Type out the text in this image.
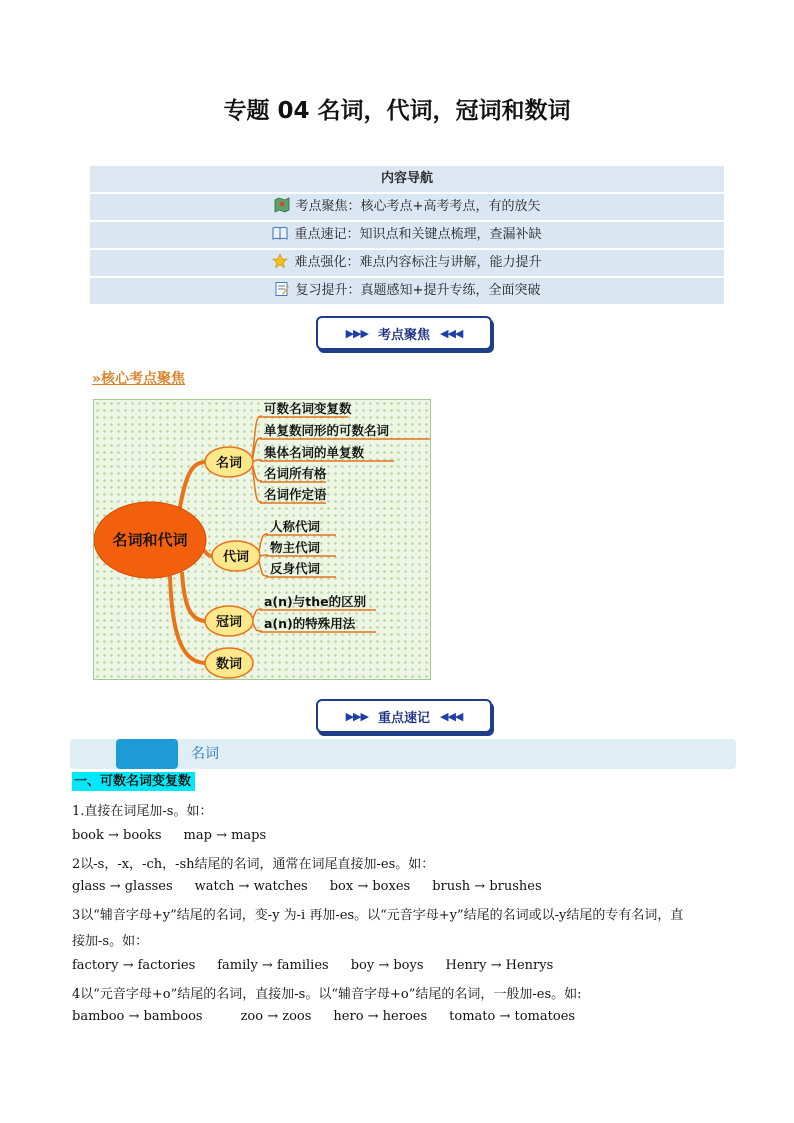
专题 04 名词，代词，冠词和数词
内容导航
考点聚焦：核心考点+高考考点，有的放矢
重点速记：知识点和关键点梳理，查漏补缺
难点强化：难点内容标注与讲解，能力提升
复习提升：真题感知+提升专练，全面突破
▶▶▶ 考点聚焦 ◀◀◀
»核心考点聚焦
名词和代词
名词
代词
冠词
数词
可数名词变复数
单复数同形的可数名词
集体名词的单复数
名词所有格
名词作定语
人称代词
物主代词
反身代词
a(n)与the的区别
a(n)的特殊用法
▶▶▶ 重点速记 ◀◀◀
考点一	名词
一、可数名词变复数
1.直接在词尾加-s。如：
book → books map → maps
2以-s，-x，-ch，-sh结尾的名词，通常在词尾直接加-es。如：
glass → glasses watch → watches box → boxes brush → brushes
3以“辅音字母+y”结尾的名词，变-y 为-i 再加-es。以“元音字母+y”结尾的名词或以-y结尾的专有名词，直
接加-s。如：
factory → factories family → families boy → boys Henry → Henrys
4以“元音字母+o”结尾的名词，直接加-s。以“辅音字母+o”结尾的名词，一般加-es。如:
bamboo → bamboos	zoo → zoos hero → heroes tomato → tomatoes
